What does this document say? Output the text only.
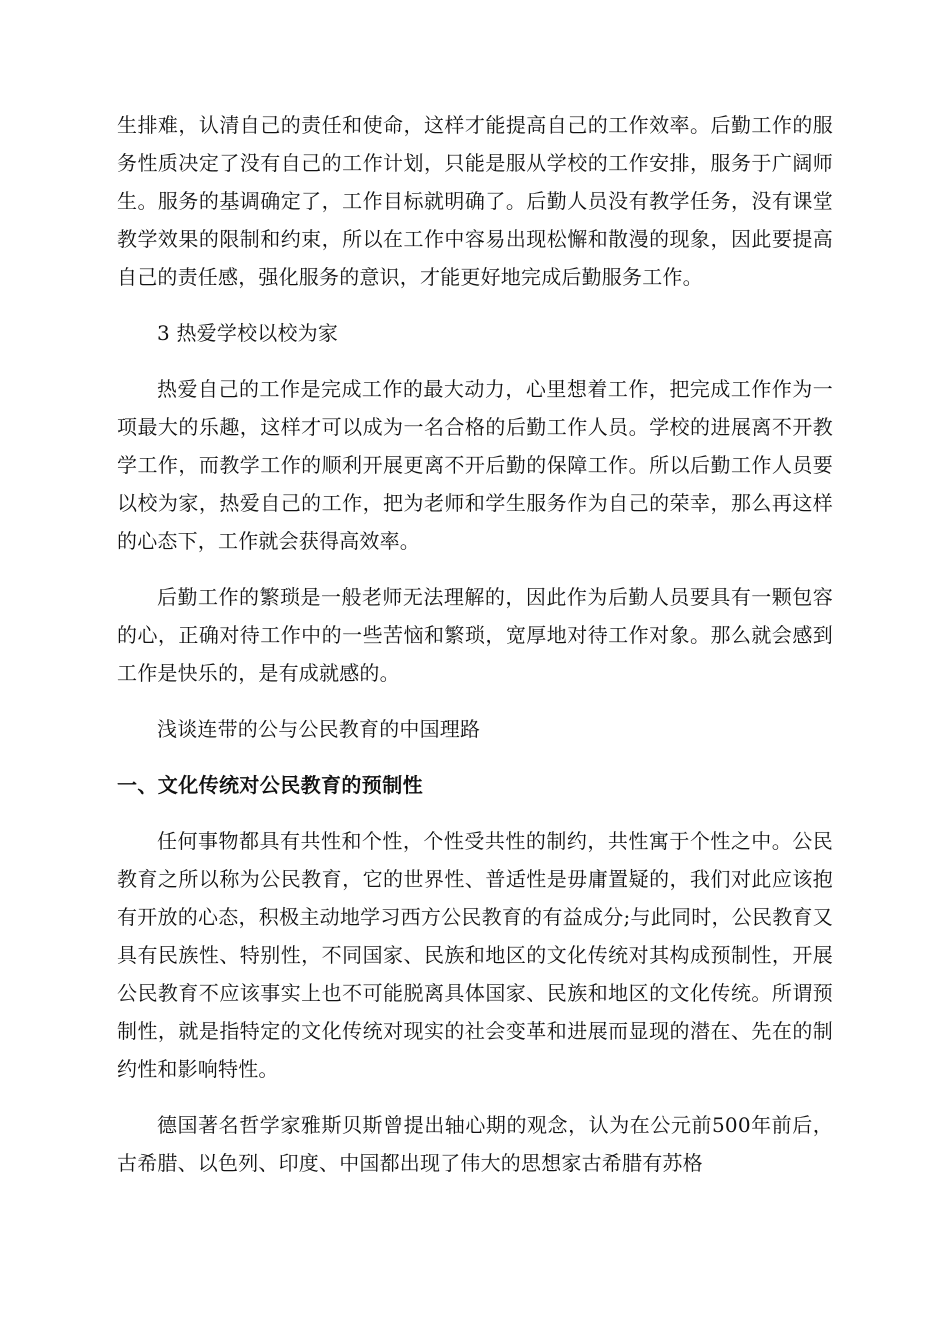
生排难，认清自己的责任和使命，这样才能提高自己的工作效率。后勤工作的服务性质决定了没有自己的工作计划，只能是服从学校的工作安排，服务于广阔师生。服务的基调确定了，工作目标就明确了。后勤人员没有教学任务，没有课堂教学效果的限制和约束，所以在工作中容易出现松懈和散漫的现象，因此要提高自己的责任感，强化服务的意识，才能更好地完成后勤服务工作。

3 热爱学校以校为家

热爱自己的工作是完成工作的最大动力，心里想着工作，把完成工作作为一项最大的乐趣，这样才可以成为一名合格的后勤工作人员。学校的进展离不开教学工作，而教学工作的顺利开展更离不开后勤的保障工作。所以后勤工作人员要以校为家，热爱自己的工作，把为老师和学生服务作为自己的荣幸，那么再这样的心态下，工作就会获得高效率。

后勤工作的繁琐是一般老师无法理解的，因此作为后勤人员要具有一颗包容的心，正确对待工作中的一些苦恼和繁琐，宽厚地对待工作对象。那么就会感到工作是快乐的，是有成就感的。

浅谈连带的公与公民教育的中国理路

一、文化传统对公民教育的预制性

任何事物都具有共性和个性，个性受共性的制约，共性寓于个性之中。公民教育之所以称为公民教育，它的世界性、普适性是毋庸置疑的，我们对此应该抱有开放的心态，积极主动地学习西方公民教育的有益成分;与此同时，公民教育又具有民族性、特别性，不同国家、民族和地区的文化传统对其构成预制性，开展公民教育不应该事实上也不可能脱离具体国家、民族和地区的文化传统。所谓预制性，就是指特定的文化传统对现实的社会变革和进展而显现的潜在、先在的制约性和影响特性。

德国著名哲学家雅斯贝斯曾提出轴心期的观念，认为在公元前500年前后，古希腊、以色列、印度、中国都出现了伟大的思想家古希腊有苏格
